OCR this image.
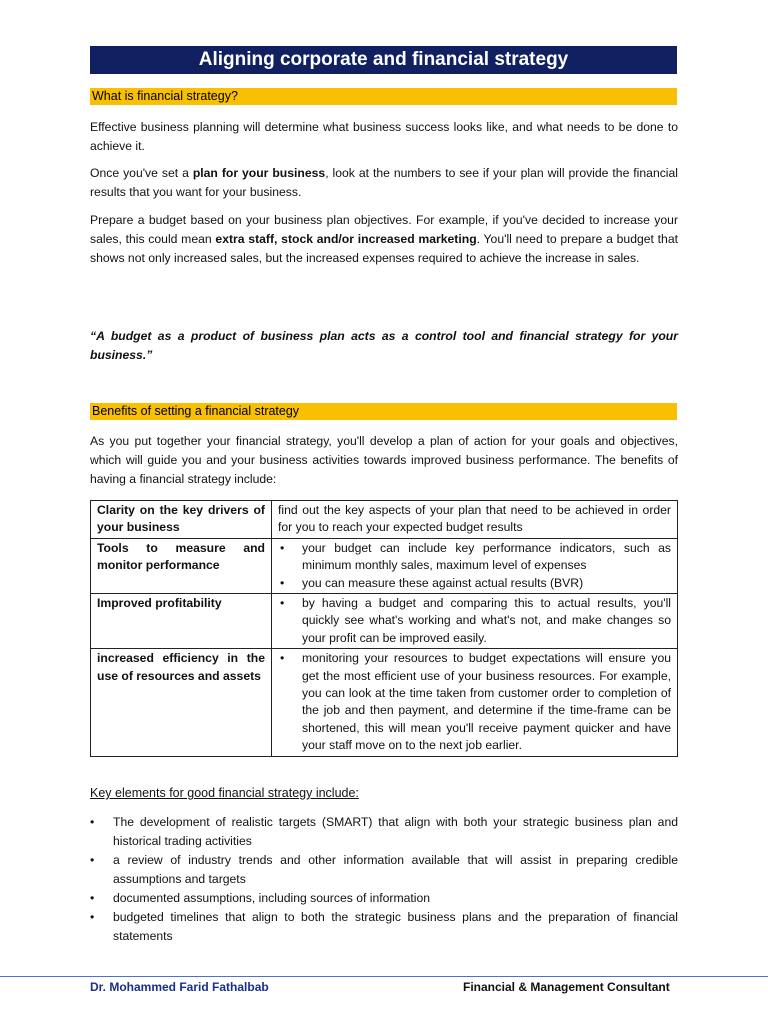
Aligning corporate and financial strategy
What is financial strategy?
Effective business planning will determine what business success looks like, and what needs to be done to achieve it.
Once you've set a plan for your business, look at the numbers to see if your plan will provide the financial results that you want for your business.
Prepare a budget based on your business plan objectives. For example, if you've decided to increase your sales, this could mean extra staff, stock and/or increased marketing. You'll need to prepare a budget that shows not only increased sales, but the increased expenses required to achieve the increase in sales.
“A budget as a product of business plan acts as a control tool and financial strategy for your business.”
Benefits of setting a financial strategy
As you put together your financial strategy, you'll develop a plan of action for your goals and objectives, which will guide you and your business activities towards improved business performance. The benefits of having a financial strategy include:
Clarity on the key drivers of your business	find out the key aspects of your plan that need to be achieved in order for you to reach your expected budget results
Tools to measure and monitor performance	• your budget can include key performance indicators, such as minimum monthly sales, maximum level of expenses
• you can measure these against actual results (BVR)

Improved profitability	• by having a budget and comparing this to actual results, you'll quickly see what's working and what's not, and make changes so your profit can be improved easily.

increased efficiency in the use of resources and assets	• monitoring your resources to budget expectations will ensure you get the most efficient use of your business resources. For example, you can look at the time taken from customer order to completion of the job and then payment, and determine if the time-frame can be shortened, this will mean you'll receive payment quicker and have your staff move on to the next job earlier.
Key elements for good financial strategy include:
•	The development of realistic targets (SMART) that align with both your strategic business plan and historical trading activities
•	a review of industry trends and other information available that will assist in preparing credible assumptions and targets
•	documented assumptions, including sources of information
•	budgeted timelines that align to both the strategic business plans and the preparation of financial statements
Dr. Mohammed Farid Fathalbab	Financial & Management Consultant
